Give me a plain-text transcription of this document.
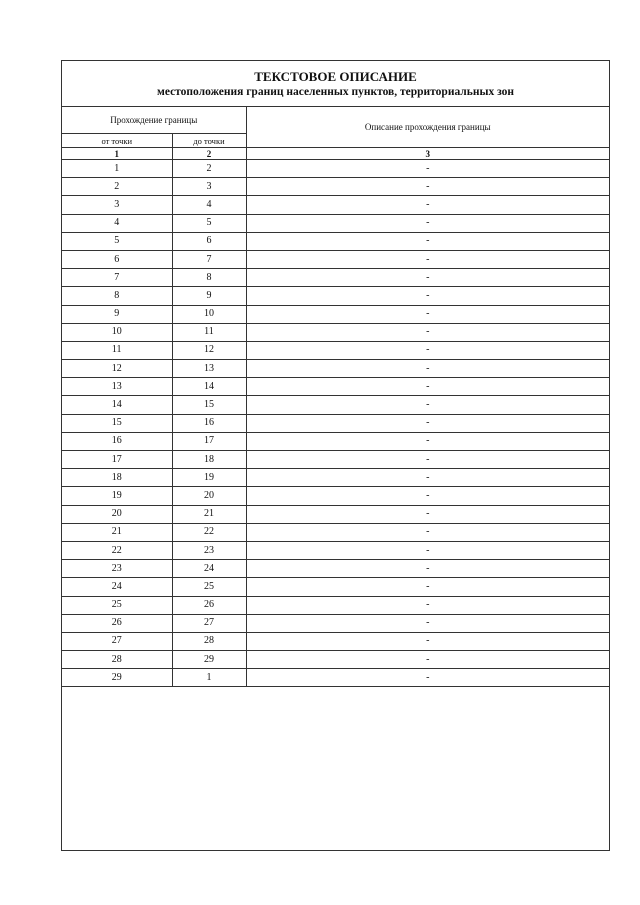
ТЕКСТОВОЕ ОПИСАНИЕ
местоположения границ населенных пунктов, территориальных зон
Прохождение границы		Описание прохождения границы
от точки	до точки	
1	2	3
1	2	-
2	3	-
3	4	-
4	5	-
5	6	-
6	7	-
7	8	-
8	9	-
9	10	-
10	11	-
11	12	-
12	13	-
13	14	-
14	15	-
15	16	-
16	17	-
17	18	-
18	19	-
19	20	-
20	21	-
21	22	-
22	23	-
23	24	-
24	25	-
25	26	-
26	27	-
27	28	-
28	29	-
29	1	-
